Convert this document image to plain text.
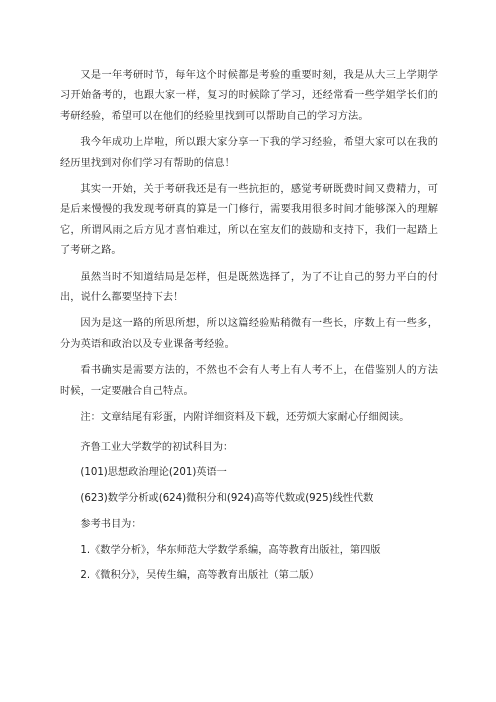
又是一年考研时节，每年这个时候都是考验的重要时刻，我是从大三上学期学习开始备考的，也跟大家一样，复习的时候除了学习，还经常看一些学姐学长们的考研经验，希望可以在他们的经验里找到可以帮助自己的学习方法。

我今年成功上岸啦，所以跟大家分享一下我的学习经验，希望大家可以在我的经历里找到对你们学习有帮助的信息！

其实一开始，关于考研我还是有一些抗拒的，感觉考研既费时间又费精力，可是后来慢慢的我发现考研真的算是一门修行，需要我用很多时间才能够深入的理解它，所谓风雨之后方见才喜怕难过，所以在室友们的鼓励和支持下，我们一起踏上了考研之路。

虽然当时不知道结局是怎样，但是既然选择了，为了不让自己的努力平白的付出，说什么都要坚持下去！

因为是这一路的所思所想，所以这篇经验贴稍微有一些长，序数上有一些多，分为英语和政治以及专业课备考经验。

看书确实是需要方法的，不然也不会有人考上有人考不上，在借鉴别人的方法时候，一定要融合自己特点。

注：文章结尾有彩蛋，内附详细资料及下载，还劳烦大家耐心仔细阅读。

齐鲁工业大学数学的初试科目为：

(101)思想政治理论(201)英语一

(623)数学分析或(624)微积分和(924)高等代数或(925)线性代数

参考书目为：

1.《数学分析》，华东师范大学数学系编，高等教育出版社，第四版

2.《微积分》，吴传生编，高等教育出版社（第二版）
